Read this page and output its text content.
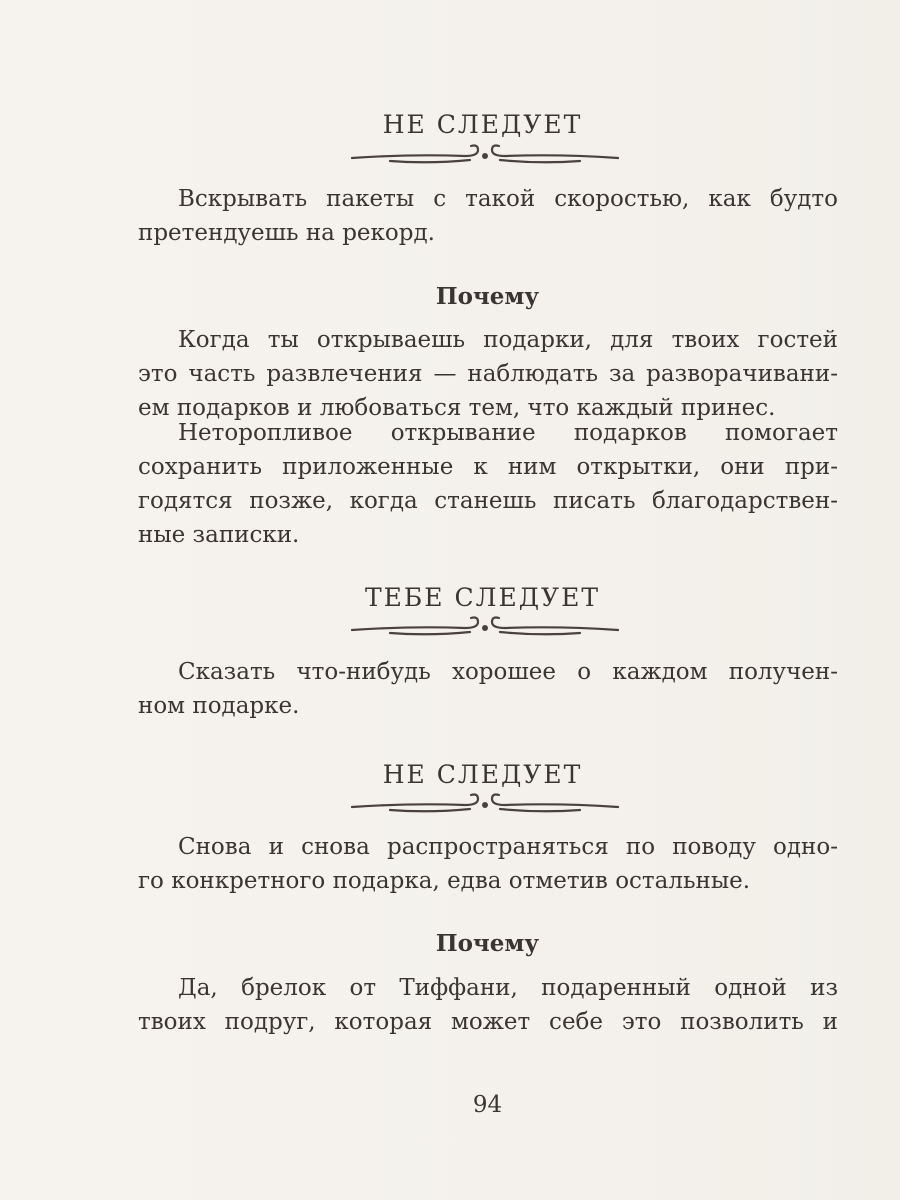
НЕ СЛЕДУЕТ
Вскрывать пакеты с такой скоростью, как будто
претендуешь на рекорд.
Почему
Когда ты открываешь подарки, для твоих гостей
это часть развлечения — наблюдать за разворачивани-
ем подарков и любоваться тем, что каждый принес.
Неторопливое открывание подарков помогает
сохранить приложенные к ним открытки, они при-
годятся позже, когда станешь писать благодарствен-
ные записки.
ТЕБЕ СЛЕДУЕТ
Сказать что-нибудь хорошее о каждом получен-
ном подарке.
НЕ СЛЕДУЕТ
Снова и снова распространяться по поводу одно-
го конкретного подарка, едва отметив остальные.
Почему
Да, брелок от Тиффани, подаренный одной из
твоих подруг, которая может себе это позволить и
94
